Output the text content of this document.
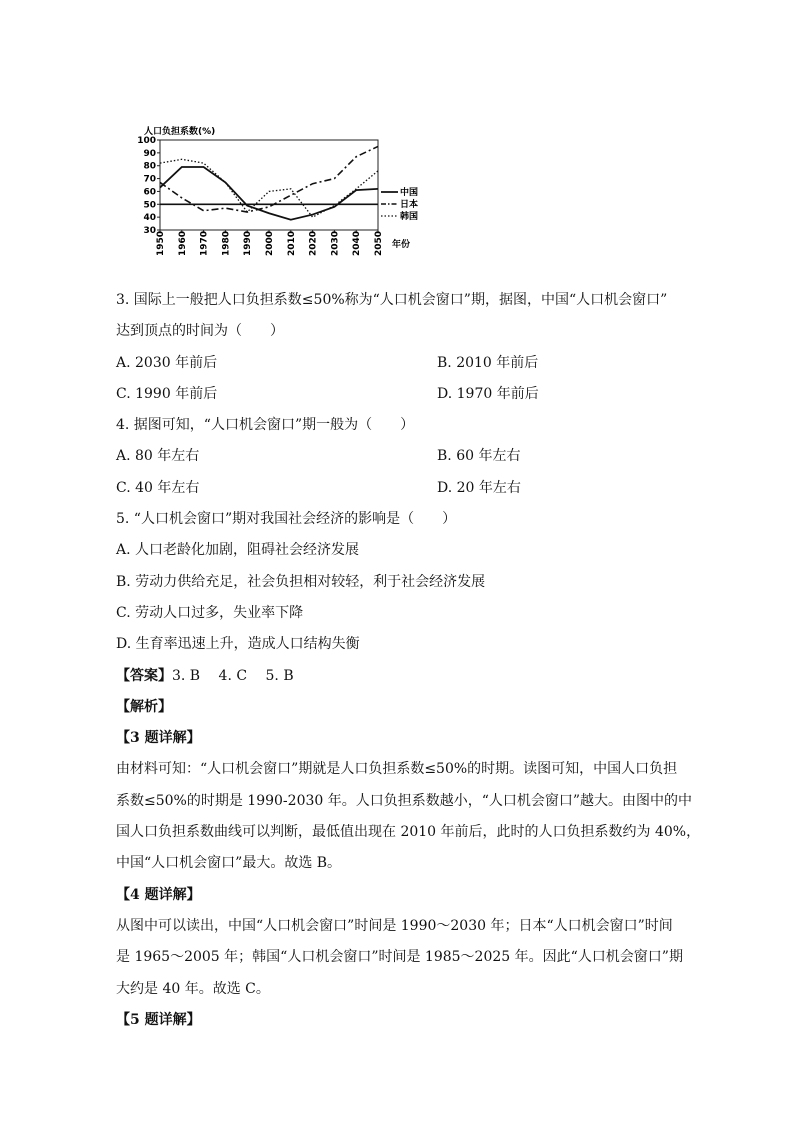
30
40
50
60
70
80
90
100
1950 1960 1970 1980 1990 2000 2010 2020 2030 2040 2050
人口负担系数(%)
年份
中国
日本
韩国
3. 国际上一般把人口负担系数≤50%称为“人口机会窗口”期，据图，中国“人口机会窗口”
达到顶点的时间为（　　）
A. 2030 年前后	B. 2010 年前后
C. 1990 年前后	D. 1970 年前后
4. 据图可知，“人口机会窗口”期一般为（　　）
A. 80 年左右	B. 60 年左右
C. 40 年左右	D. 20 年左右
5. “人口机会窗口”期对我国社会经济的影响是（　　）
A. 人口老龄化加剧，阻碍社会经济发展
B. 劳动力供给充足，社会负担相对较轻，利于社会经济发展
C. 劳动人口过多，失业率下降
D. 生育率迅速上升，造成人口结构失衡
【答案】3. B　 4. C　 5. B
【解析】
【3 题详解】
由材料可知：“人口机会窗口”期就是人口负担系数≤50%的时期。读图可知，中国人口负担
系数≤50%的时期是 1990-2030 年。人口负担系数越小，“人口机会窗口”越大。由图中的中
国人口负担系数曲线可以判断，最低值出现在 2010 年前后，此时的人口负担系数约为 40%，
中国“人口机会窗口”最大。故选 B。
【4 题详解】
从图中可以读出，中国“人口机会窗口”时间是 1990～2030 年；日本“人口机会窗口”时间
是 1965～2005 年；韩国“人口机会窗口”时间是 1985～2025 年。因此“人口机会窗口”期
大约是 40 年。故选 C。
【5 题详解】
